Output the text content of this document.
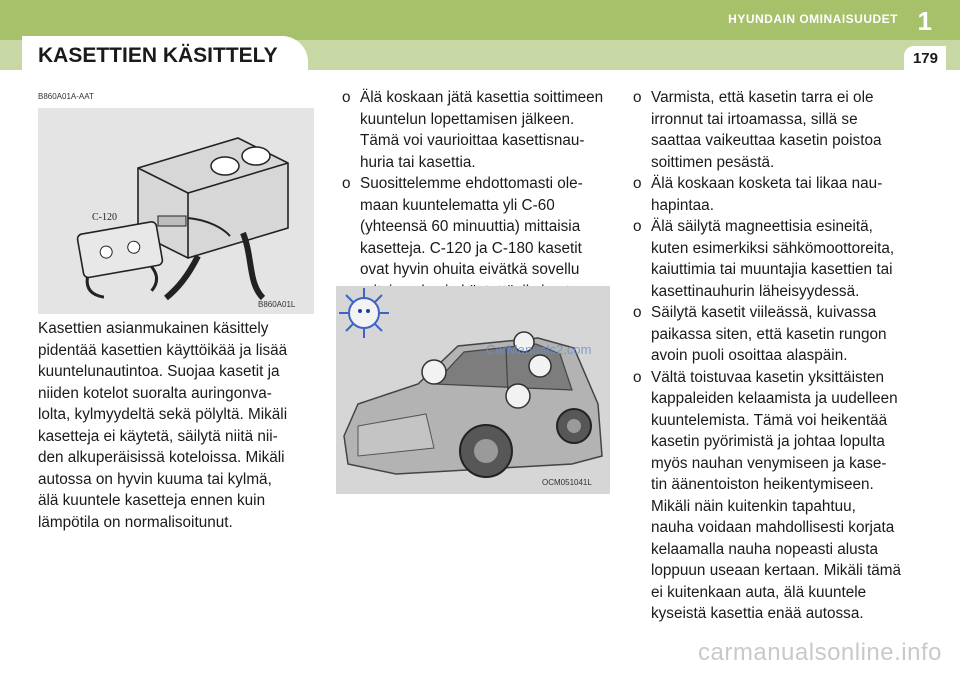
HYUNDAIN OMINAISUUDET 1
KASETTIEN KÄSITTELY	179
B860A01A-AAT
C-120
B860A01L

Kasettien asianmukainen käsittely

pidentää kasettien käyttöikää ja lisää

kuuntelunautintoa. Suojaa kasetit ja

niiden kotelot suoralta auringonva-

lolta, kylmyydeltä sekä pölyltä. Mikäli

kasetteja ei käytetä, säilytä niitä nii-

den alkuperäisissä koteloissa. Mikäli

autossa on hyvin kuuma tai kylmä,

älä kuuntele kasetteja ennen kuin

lämpötila on normalisoitunut.

o Älä koskaan jätä kasettia soittimeen

kuuntelun lopettamisen jälkeen.

Tämä voi vaurioittaa kasettisnau-

huria tai kasettia.

o Suosittelemme ehdottomasti ole-

maan kuuntelematta yli C-60

(yhteensä 60 minuuttia) mittaisia

kasetteja. C-120 ja C-180 kasetit

ovat hyvin ohuita eivätkä sovellu

CarManuals2.com
OCM051041L
o Varmista, että kasetin tarra ei ole

irronnut tai irtoamassa, sillä se

saattaa vaikeuttaa kasetin poistoa

soittimen pesästä.

o Älä koskaan kosketa tai likaa nau-

hapintaa.

o Älä säilytä magneettisia esineitä,

kuten esimerkiksi sähkömoottoreita,

kaiuttimia tai muuntajia kasettien tai

kasettinauhurin läheisyydessä.

o Säilytä kasetit viileässä, kuivassa

paikassa siten, että kasetin rungon

avoin puoli osoittaa alaspäin.

o Vältä toistuvaa kasetin yksittäisten

kappaleiden kelaamista ja uudelleen

kuuntelemista. Tämä voi heikentää

kasetin pyörimistä ja johtaa lopulta

myös nauhan venymiseen ja kase-

tin äänentoiston heikentymiseen.

Mikäli näin kuitenkin tapahtuu,

nauha voidaan mahdollisesti korjata

kelaamalla nauha nopeasti alusta

loppuun useaan kertaan. Mikäli tämä

ei kuitenkaan auta, älä kuuntele

kyseistä kasettia enää autossa.

carmanualsonline.info
